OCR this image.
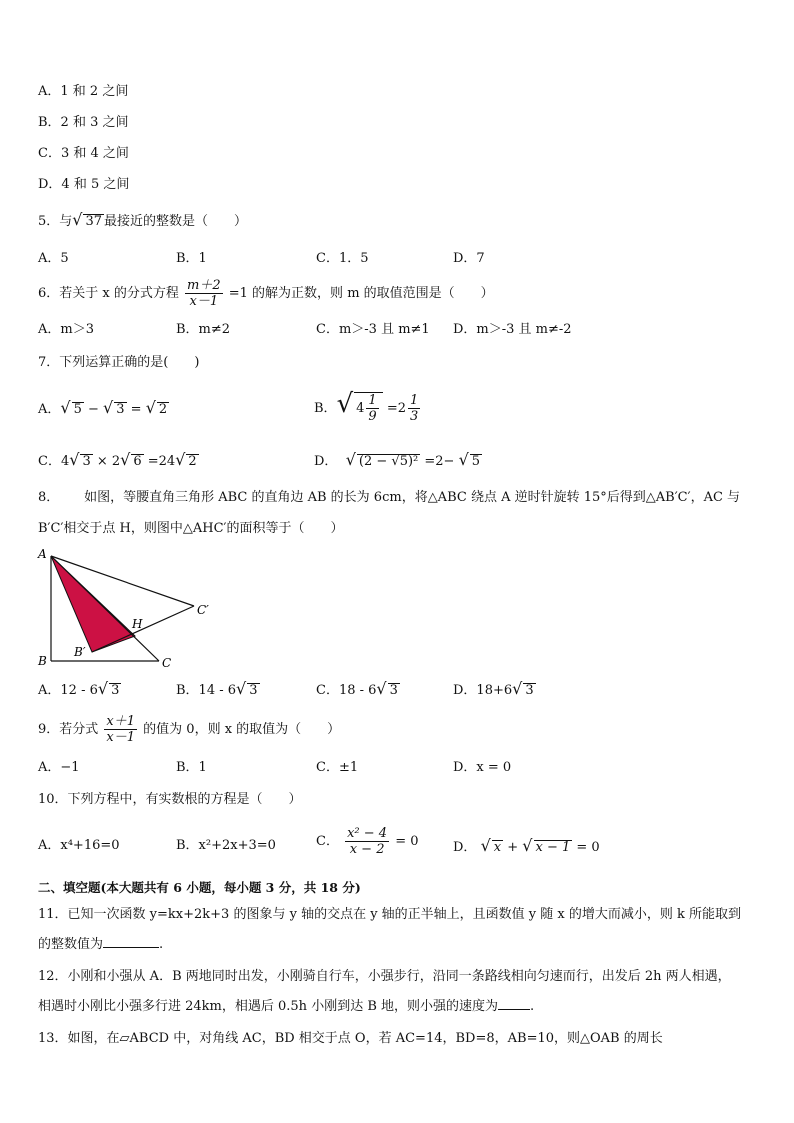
A．1 和 2 之间
B．2 和 3 之间
C．3 和 4 之间
D．4 和 5 之间
5．与√ 37 最接近的整数是（　　）
A．5	B．1	C．1．5	D．7
6．若关于 x 的分式方程 $\frac{m+2}{x-1} =1$ 的解为正数，则 m 的取值范围是（　　）
A．m＞3	B．m≠2	C．m＞-3 且 m≠1 D．m＞-3 且 m≠-2
7．下列运算正确的是(　　)
A．√ 5 − √ 3 = √ 2	B．√ $4 \frac{1}{9} =2 \frac{1}{3}$
C．4√ 3 × 2√ 6 =24√ 2	D． √ (2 − √5)² =2− √ 5
8． 如图，等腰直角三角形 ABC 的直角边 AB 的长为 6cm，将△ABC 绕点 A 逆时针旋转 15°后得到△AB′C′，AC 与
B′C′相交于点 H，则图中△AHC′的面积等于（　　）
A
B	C
B′
C′
H
A．12 - 6√ 3	B．14 - 6√ 3	C．18 - 6√ 3	D．18+6√ 3
9．若分式 $\frac{x+1}{x-1}$ 的值为 0，则 x 的取值为（　　）
A．−1	B．1	C．±1	D．x = 0
10．下列方程中，有实数根的方程是（　　）
A．x⁴+16=0	B．x²+2x+3=0	C． $\frac{\text{x² − 4}}{x - 2} = 0$	D． √ x + √ x − 1 = 0
二、填空题(本大题共有 6 小题，每小题 3 分，共 18 分)
11．已知一次函数 y=kx+2k+3 的图象与 y 轴的交点在 y 轴的正半轴上，且函数值 y 随 x 的增大而减小，则 k 所能取到
的整数值为	.
12．小刚和小强从 A．B 两地同时出发，小刚骑自行车，小强步行，沿同一条路线相向匀速而行，出发后 2h 两人相遇，
相遇时小刚比小强多行进 24km，相遇后 0.5h 小刚到达 B 地，则小强的速度为 .
13．如图，在▱ABCD 中，对角线 AC，BD 相交于点 O，若 AC=14，BD=8，AB=10，则△OAB 的周长
